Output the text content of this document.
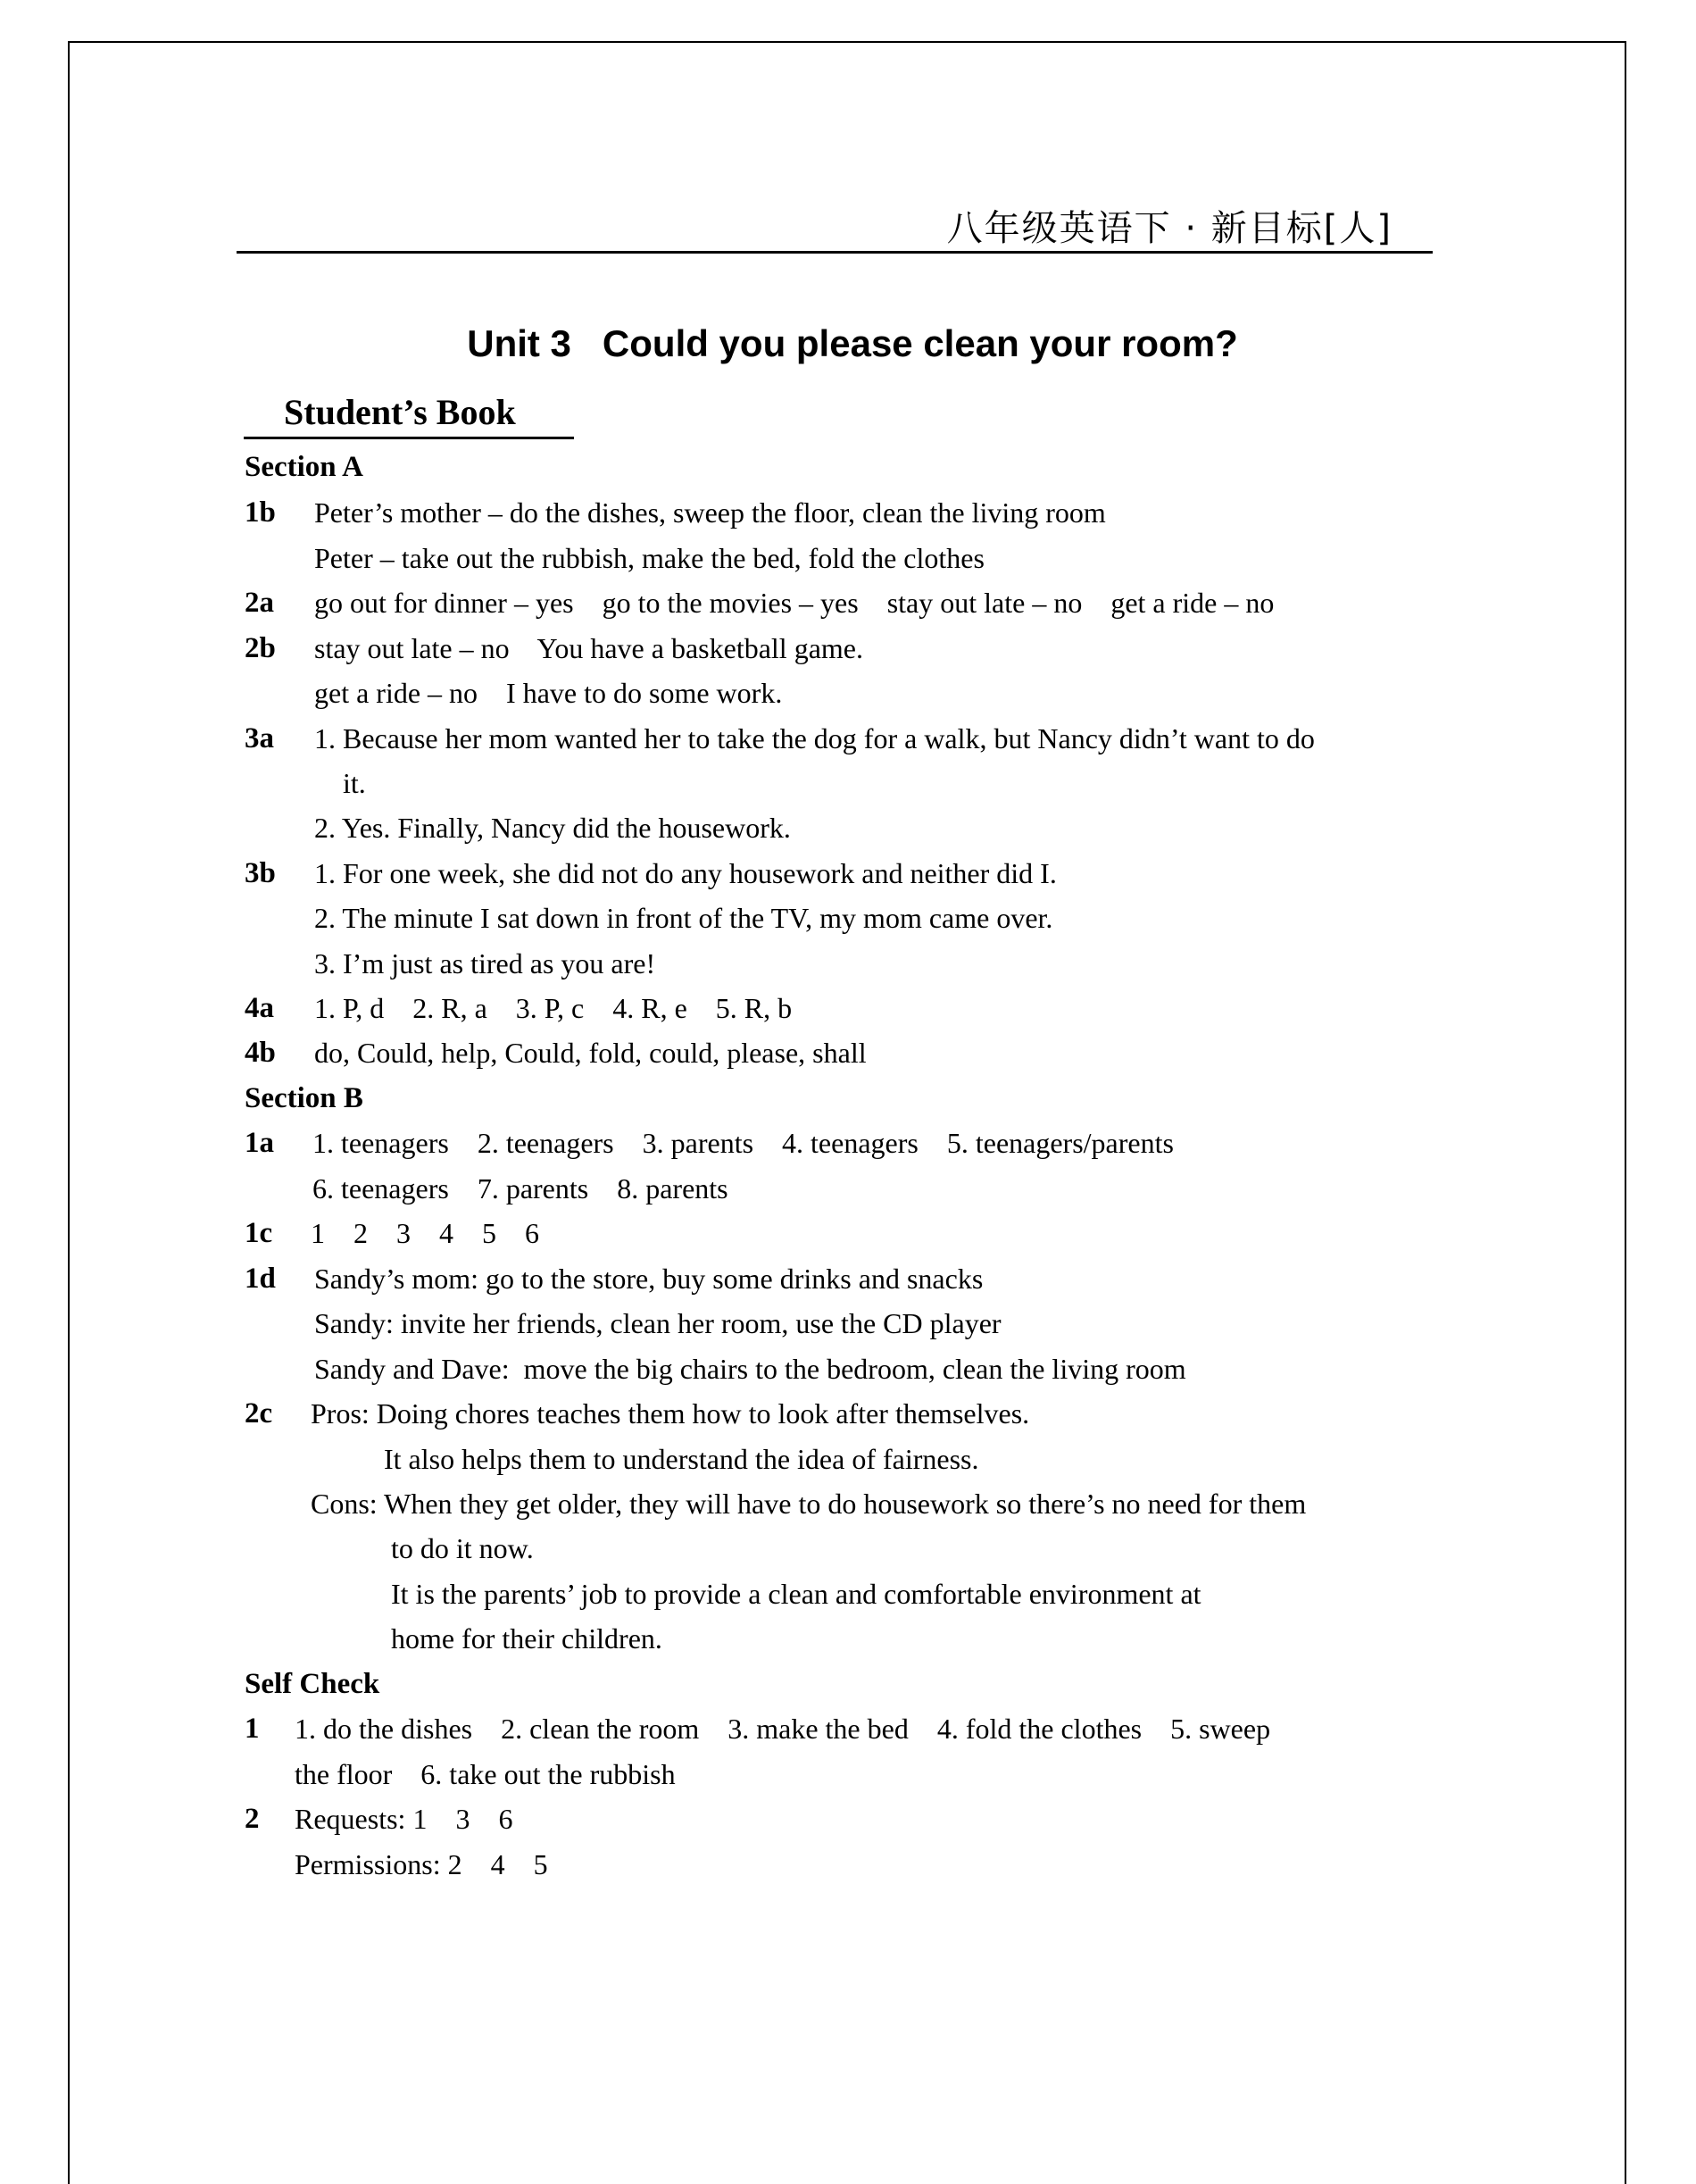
八年级英语下 · 新目标[人]
Unit 3   Could you please clean your room?
Student’s Book
Section A
1b Peter’s mother – do the dishes, sweep the floor, clean the living room
Peter – take out the rubbish, make the bed, fold the clothes
2a go out for dinner – yes    go to the movies – yes    stay out late – no    get a ride – no
2b stay out late – no    You have a basketball game.
get a ride – no    I have to do some work.
3a 1. Because her mom wanted her to take the dog for a walk, but Nancy didn’t want to do
it.
2. Yes. Finally, Nancy did the housework.
3b 1. For one week, she did not do any housework and neither did I.
2. The minute I sat down in front of the TV, my mom came over.
3. I’m just as tired as you are!
4a 1. P, d    2. R, a    3. P, c    4. R, e    5. R, b
4b do, Could, help, Could, fold, could, please, shall
Section B
1a 1. teenagers    2. teenagers    3. parents    4. teenagers    5. teenagers/parents
6. teenagers    7. parents    8. parents
1c 1    2    3    4    5    6
1d Sandy’s mom: go to the store, buy some drinks and snacks
Sandy: invite her friends, clean her room, use the CD player
Sandy and Dave:  move the big chairs to the bedroom, clean the living room
2c Pros: Doing chores teaches them how to look after themselves.
It also helps them to understand the idea of fairness.
Cons: When they get older, they will have to do housework so there’s no need for them
to do it now.
It is the parents’ job to provide a clean and comfortable environment at
home for their children.
Self Check
1 1. do the dishes    2. clean the room    3. make the bed    4. fold the clothes    5. sweep
the floor    6. take out the rubbish
2 Requests: 1    3    6
Permissions: 2    4    5
